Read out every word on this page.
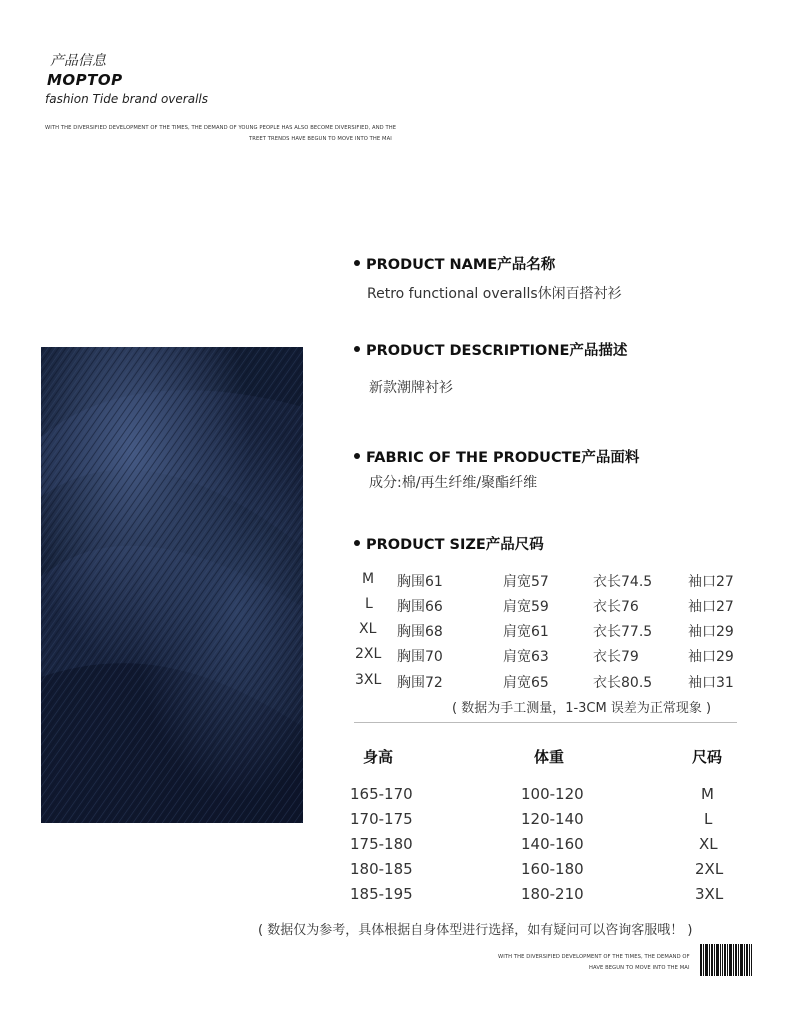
产品信息
MOPTOP
fashion Tide brand overalls
WITH THE DIVERSIFIED DEVELOPMENT OF THE TIMES, THE DEMAND OF YOUNG PEOPLE HAS ALSO BECOME DIVERSIFIED, AND THE
TREET TRENDS HAVE BEGUN TO MOVE INTO THE MAI
PRODUCT NAME产品名称
Retro functional overalls休闲百搭衬衫
PRODUCT DESCRIPTIONE产品描述
新款潮牌衬衫
FABRIC OF THE PRODUCTE产品面料
成分:棉/再生纤维/聚酯纤维
PRODUCT SIZE产品尺码
M 胸围61	肩宽57	衣长74.5	袖口27
L 胸围66	肩宽59	衣长76	袖口27
XL 胸围68	肩宽61	衣长77.5	袖口29
2XL 胸围70	肩宽63	衣长79	袖口29
3XL 胸围72	肩宽65	衣长80.5	袖口31
( 数据为手工测量，1-3CM 误差为正常现象 )
身高	体重	尺码
165-170	100-120	M
170-175	120-140	L
175-180	140-160	XL
180-185	160-180	2XL
185-195	180-210	3XL
( 数据仅为参考，具体根据自身体型进行选择，如有疑问可以咨询客服哦！ )
WITH THE DIVERSIFIED DEVELOPMENT OF THE TIMES, THE DEMAND OF
HAVE BEGUN TO MOVE INTO THE MAI
